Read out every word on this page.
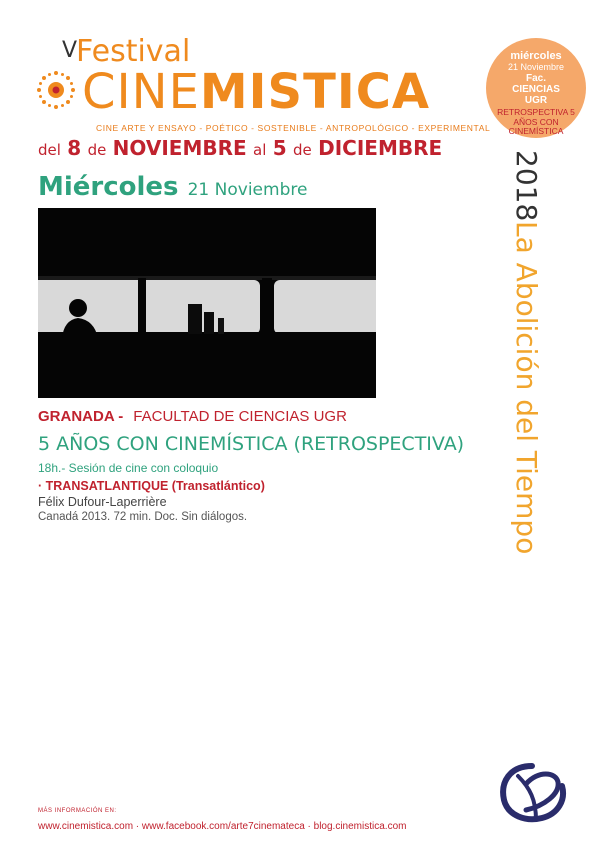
V
Festival
CINEMISTICA
CINE ARTE Y ENSAYO - POÉTICO - SOSTENIBLE - ANTROPOLÓGICO - EXPERIMENTAL
del 8 de NOVIEMBRE al 5 de DICIEMBRE
miércoles
21 Noviembre
Fac. CIENCIAS UGR
RETROSPECTIVA 5 AÑOS CON CINEMÍSTICA
2018
La Abolición del Tiempo
Miércoles 21 Noviembre
GRANADA - FACULTAD DE CIENCIAS UGR
5 AÑOS CON CINEMÍSTICA (RETROSPECTIVA)
18h.- Sesión de cine con coloquio
· TRANSATLANTIQUE (Transatlántico)
Félix Dufour-Laperrière
Canadá 2013. 72 min. Doc. Sin diálogos.
MÁS INFORMACIÓN EN:
www.cinemistica.com · www.facebook.com/arte7cinemateca · blog.cinemistica.com
